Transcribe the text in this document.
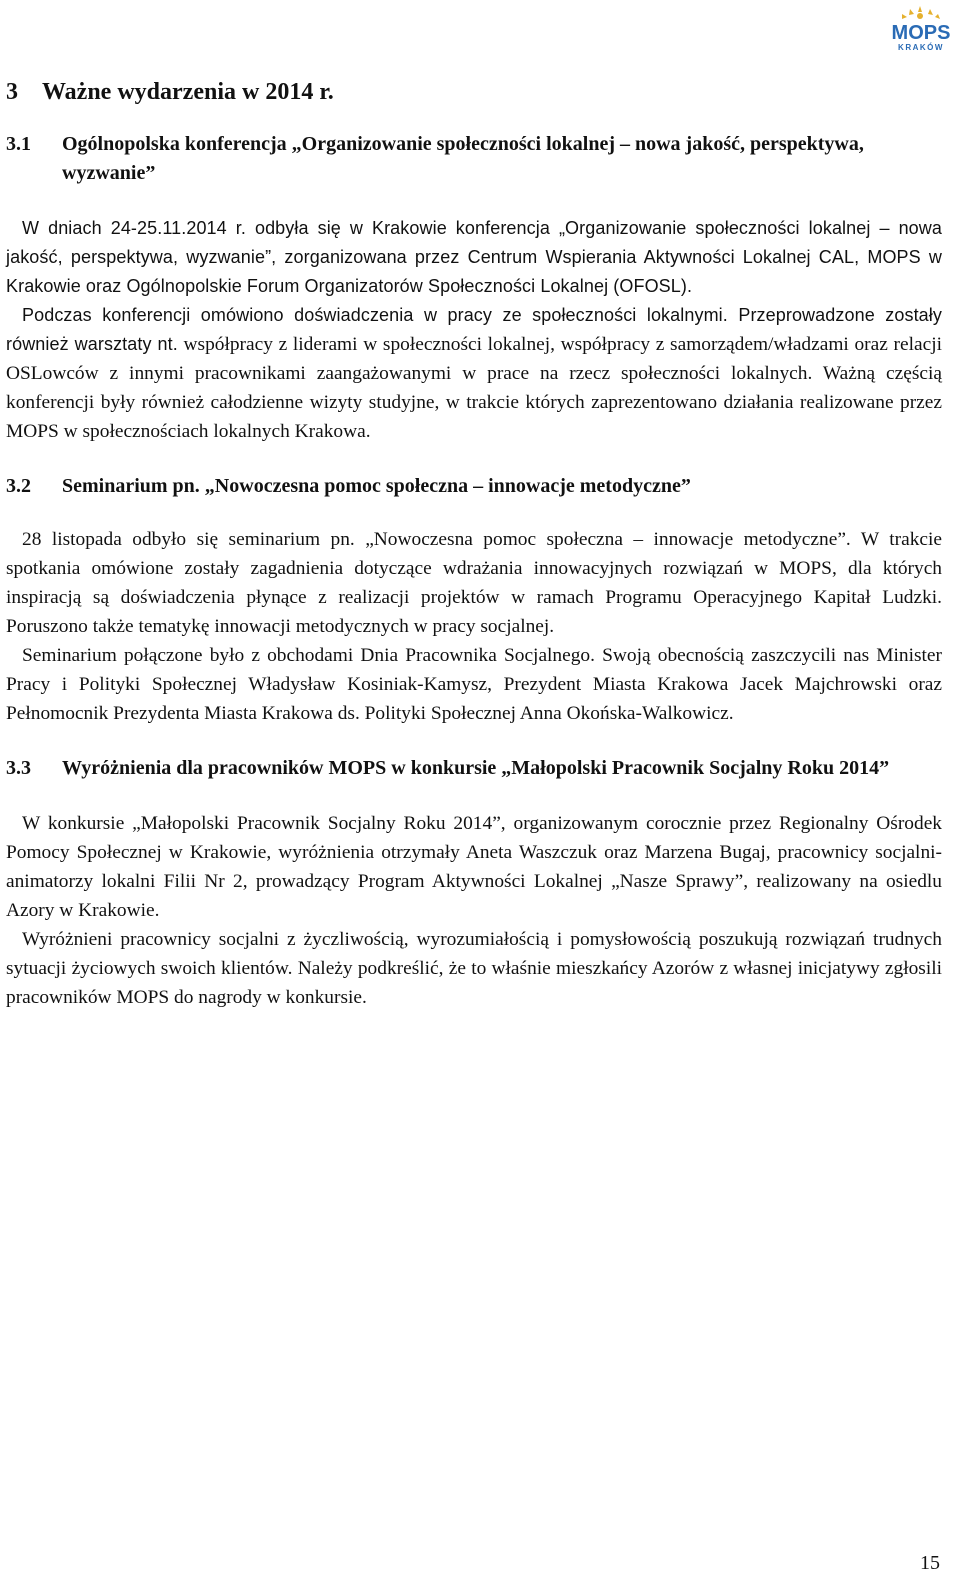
MOPS
KRAKÓW
3 Ważne wydarzenia w 2014 r.
3.1	Ogólnopolska konferencja „Organizowanie społeczności lokalnej – nowa jakość, perspektywa, wyzwanie”

W dniach 24-25.11.2014 r. odbyła się w Krakowie konferencja „Organizowanie społeczności lokalnej – nowa jakość, perspektywa, wyzwanie”, zorganizowana przez Centrum Wspierania Aktywności Lokalnej CAL, MOPS w Krakowie oraz Ogólnopolskie Forum Organizatorów Społeczności Lokalnej (OFOSL).

Podczas konferencji omówiono doświadczenia w pracy ze społeczności lokalnymi. Przeprowadzone zostały również warsztaty nt. współpracy z liderami w społeczności lokalnej, współpracy z samorządem/władzami oraz relacji OSLowców z innymi pracownikami zaangażowanymi w prace na rzecz społeczności lokalnych. Ważną częścią konferencji były również całodzienne wizyty studyjne, w trakcie których zaprezentowano działania realizowane przez MOPS w społecznościach lokalnych Krakowa.

3.2	Seminarium pn. „Nowoczesna pomoc społeczna – innowacje metodyczne”

28 listopada odbyło się seminarium pn. „Nowoczesna pomoc społeczna – innowacje metodyczne”. W trakcie spotkania omówione zostały zagadnienia dotyczące wdrażania innowacyjnych rozwiązań w MOPS, dla których inspiracją są doświadczenia płynące z realizacji projektów w ramach Programu Operacyjnego Kapitał Ludzki. Poruszono także tematykę innowacji metodycznych w pracy socjalnej.

Seminarium połączone było z obchodami Dnia Pracownika Socjalnego. Swoją obecnością zaszczycili nas Minister Pracy i Polityki Społecznej Władysław Kosiniak-Kamysz, Prezydent Miasta Krakowa Jacek Majchrowski oraz Pełnomocnik Prezydenta Miasta Krakowa ds. Polityki Społecznej Anna Okońska-Walkowicz.

3.3	Wyróżnienia dla pracowników MOPS w konkursie „Małopolski Pracownik Socjalny Roku 2014”

W konkursie „Małopolski Pracownik Socjalny Roku 2014”, organizowanym corocznie przez Regionalny Ośrodek Pomocy Społecznej w Krakowie, wyróżnienia otrzymały Aneta Waszczuk oraz Marzena Bugaj, pracownicy socjalni-animatorzy lokalni Filii Nr 2, prowadzący Program Aktywności Lokalnej „Nasze Sprawy”, realizowany na osiedlu Azory w Krakowie.

Wyróżnieni pracownicy socjalni z życzliwością, wyrozumiałością i pomysłowością poszukują rozwiązań trudnych sytuacji życiowych swoich klientów. Należy podkreślić, że to właśnie mieszkańcy Azorów z własnej inicjatywy zgłosili pracowników MOPS do nagrody w konkursie.

15
